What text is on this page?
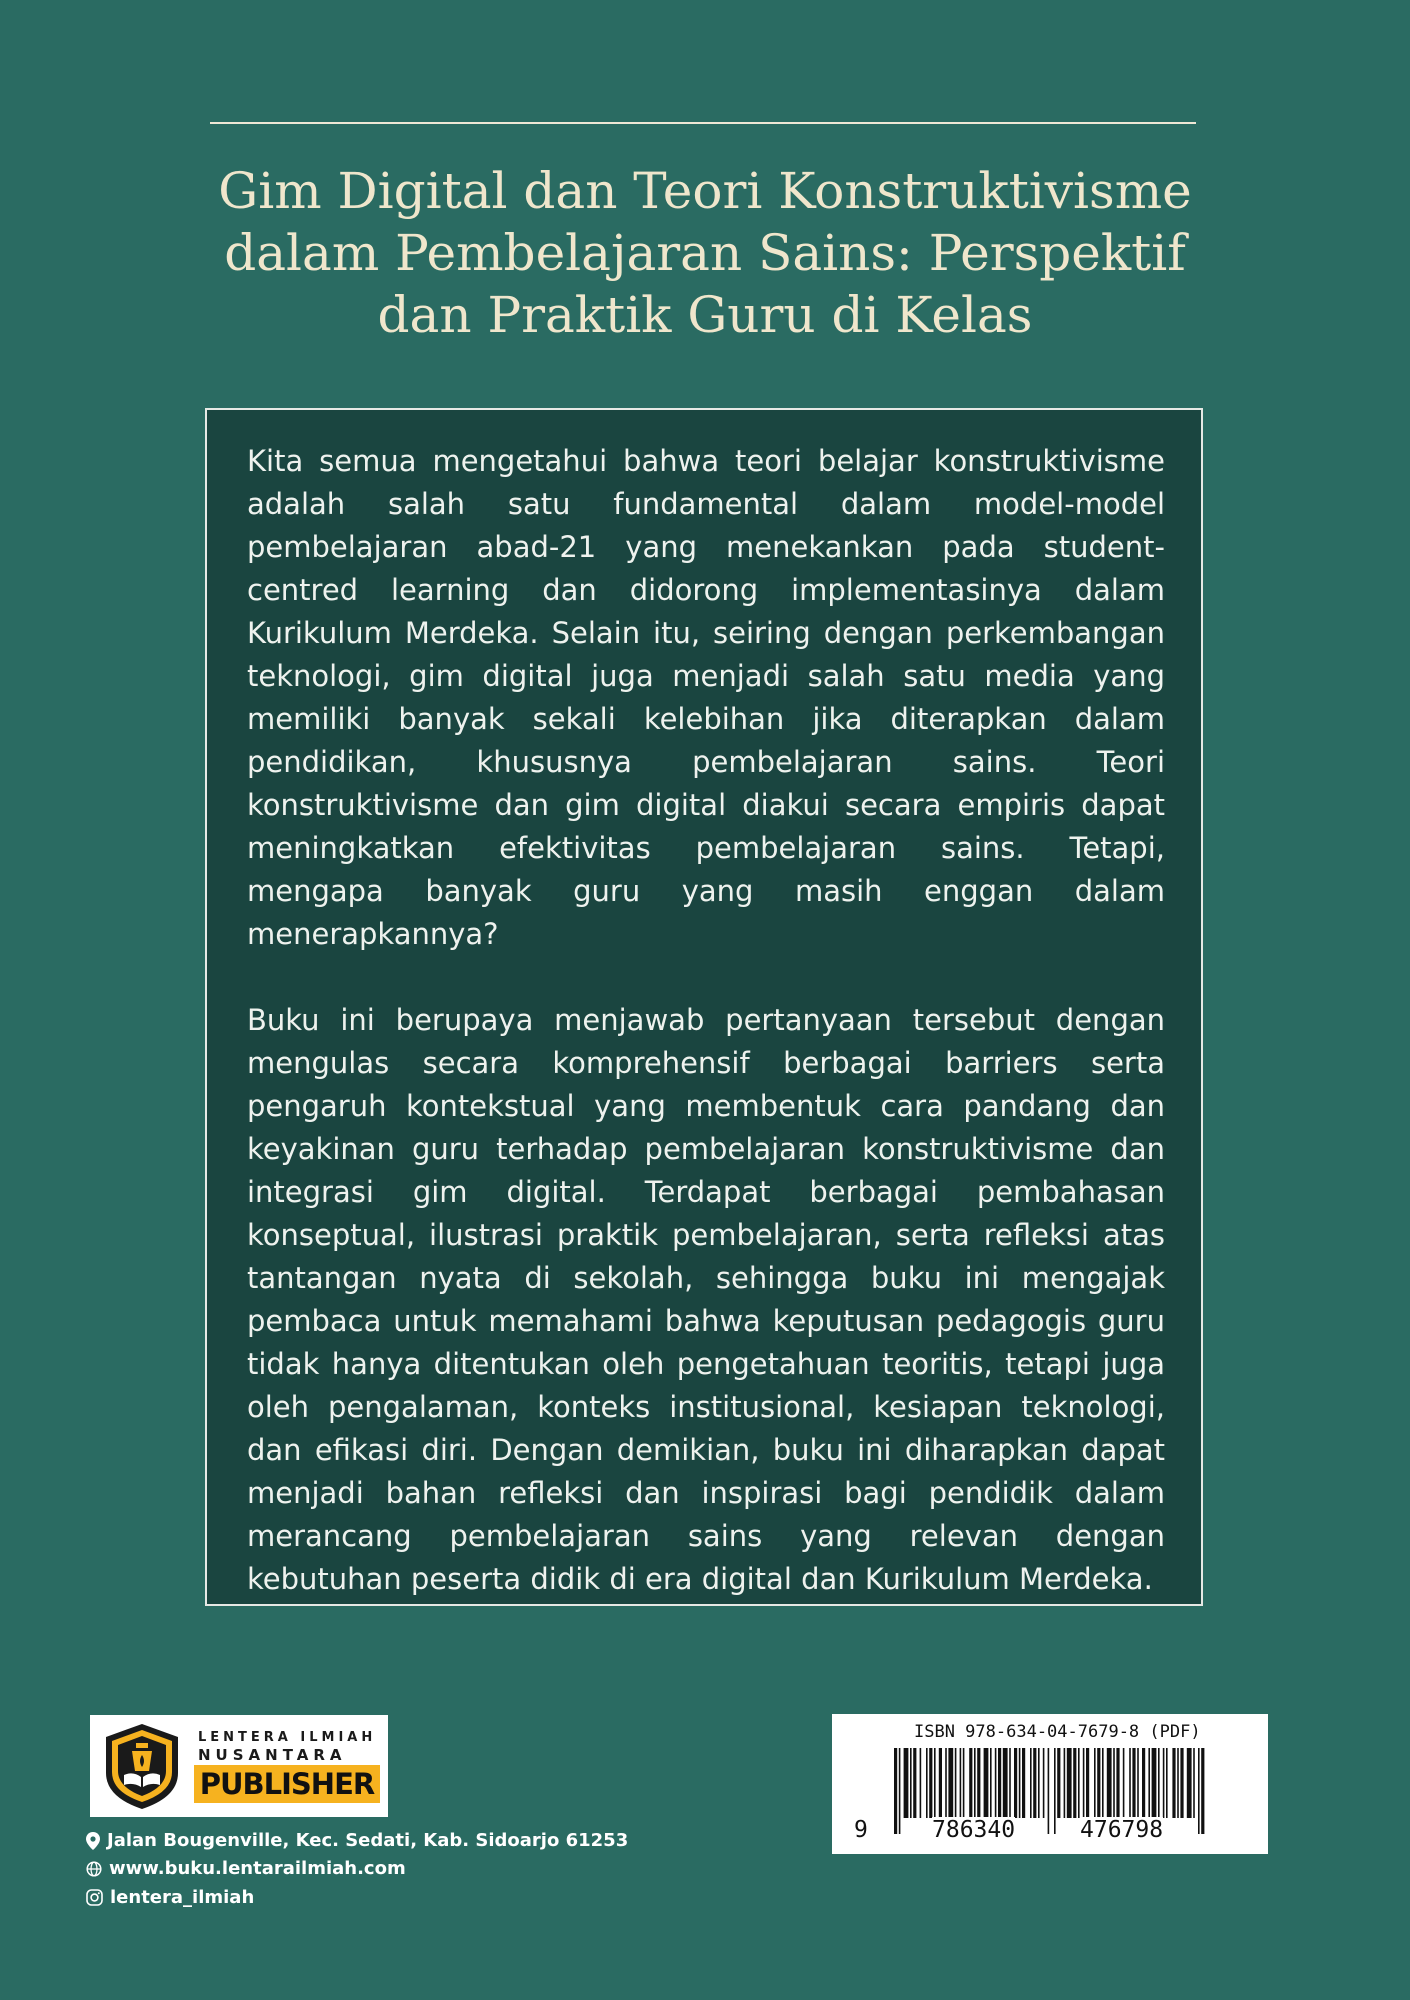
Gim Digital dan Teori Konstruktivisme
dalam Pembelajaran Sains: Perspektif
dan Praktik Guru di Kelas

Kita semua mengetahui bahwa teori belajar konstruktivisme adalah salah satu fundamental dalam model-model pembelajaran abad-21 yang menekankan pada student-centred learning dan didorong implementasinya dalam Kurikulum Merdeka. Selain itu, seiring dengan perkembangan teknologi, gim digital juga menjadi salah satu media yang memiliki banyak sekali kelebihan jika diterapkan dalam pendidikan, khususnya pembelajaran sains. Teori konstruktivisme dan gim digital diakui secara empiris dapat meningkatkan efektivitas pembelajaran sains. Tetapi, mengapa banyak guru yang masih enggan dalam menerapkannya?

Buku ini berupaya menjawab pertanyaan tersebut dengan mengulas secara komprehensif berbagai barriers serta pengaruh kontekstual yang membentuk cara pandang dan keyakinan guru terhadap pembelajaran konstruktivisme dan integrasi gim digital. Terdapat berbagai pembahasan konseptual, ilustrasi praktik pembelajaran, serta refleksi atas tantangan nyata di sekolah, sehingga buku ini mengajak pembaca untuk memahami bahwa keputusan pedagogis guru tidak hanya ditentukan oleh pengetahuan teoritis, tetapi juga oleh pengalaman, konteks institusional, kesiapan teknologi, dan efikasi diri. Dengan demikian, buku ini diharapkan dapat menjadi bahan refleksi dan inspirasi bagi pendidik dalam merancang pembelajaran sains yang relevan dengan kebutuhan peserta didik di era digital dan Kurikulum Merdeka.

LENTERA ILMIAH
NUSANTARA
PUBLISHER
Jalan Bougenville, Kec. Sedati, Kab. Sidoarjo 61253
www.buku.lentarailmiah.com
lentera_ilmiah
ISBN 978-634-04-7679-8 (PDF)
9	786340	476798
